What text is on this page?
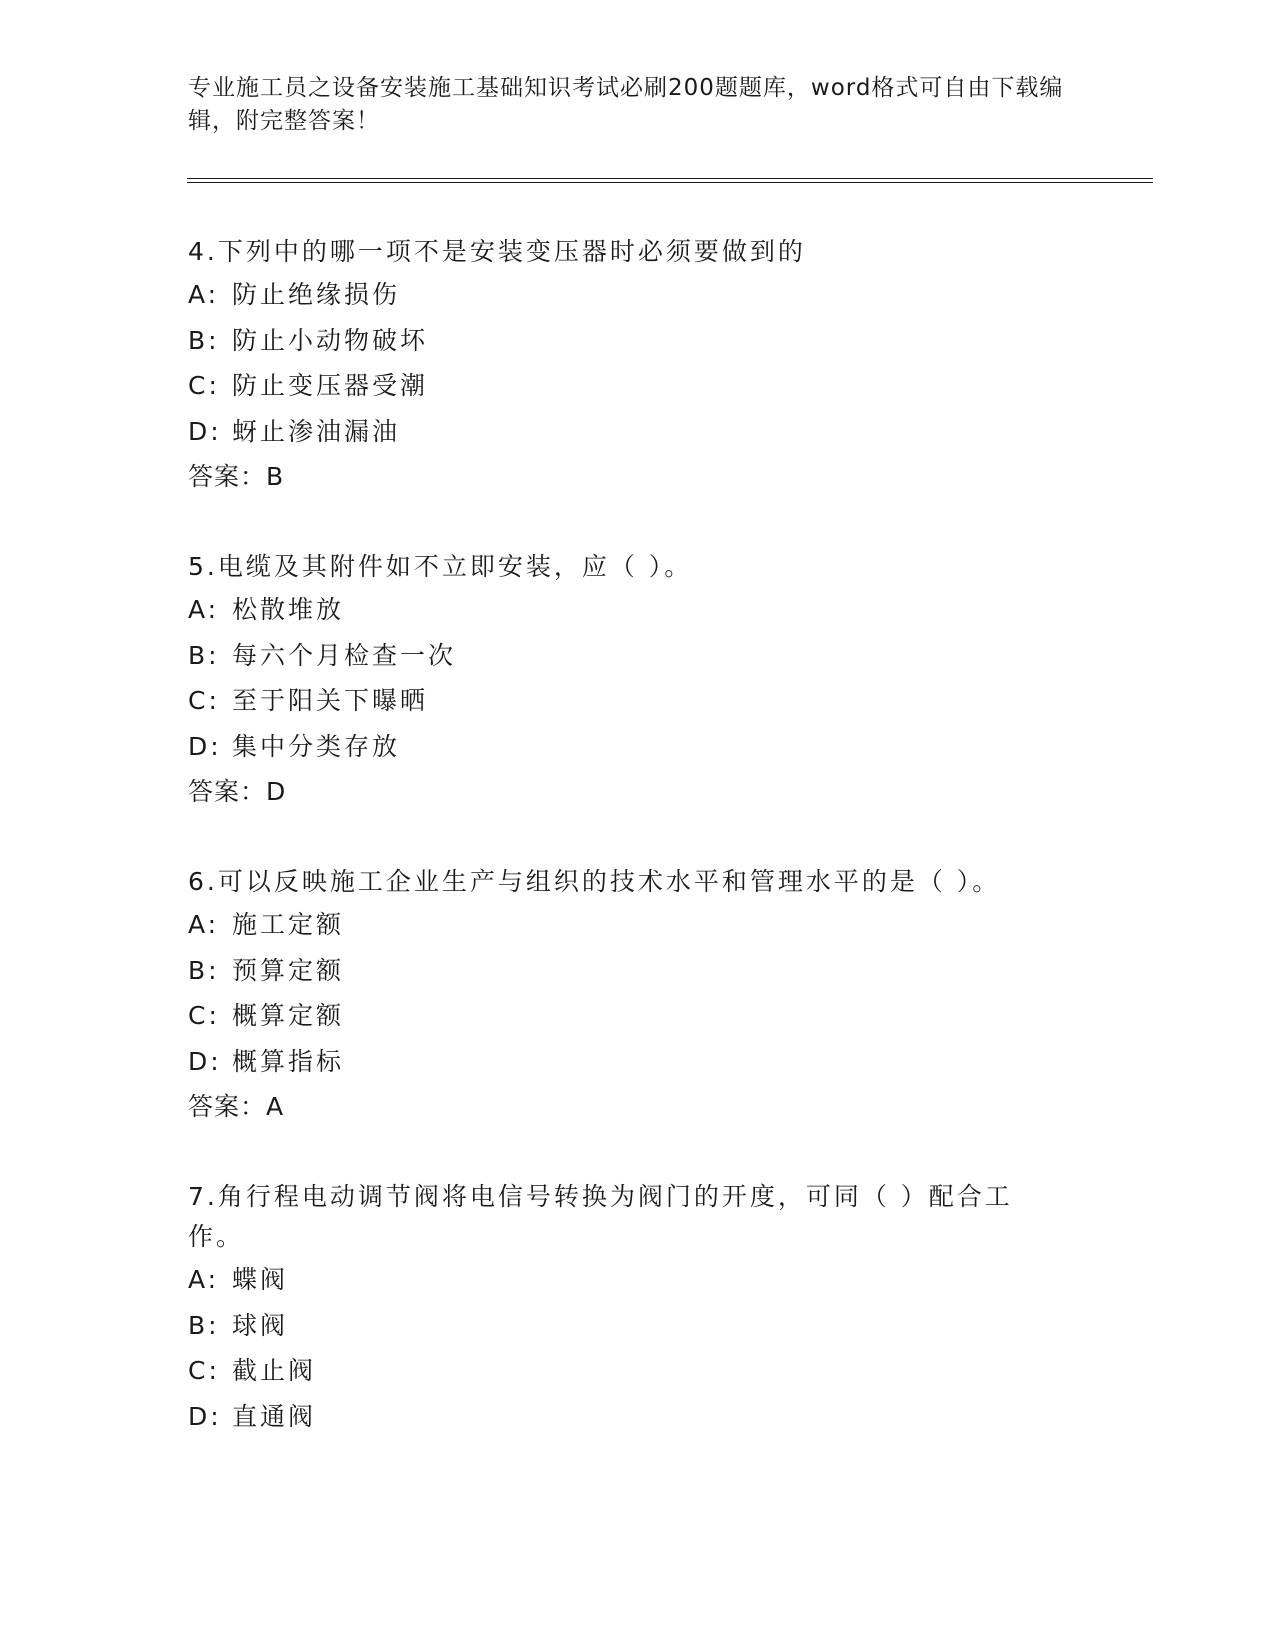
专业施工员之设备安装施工基础知识考试必刷200题题库，word格式可自由下载编辑，附完整答案！

4.下列中的哪一项不是安装变压器时必须要做到的

A: 防止绝缘损伤

B: 防止小动物破坏

C: 防止变压器受潮

D: 蚜止渗油漏油

答案：B

5.电缆及其附件如不立即安装，应（ ）。

A: 松散堆放

B: 每六个月检查一次

C: 至于阳关下曝晒

D: 集中分类存放

答案：D

6.可以反映施工企业生产与组织的技术水平和管理水平的是（ ）。

A: 施工定额

B: 预算定额

C: 概算定额

D: 概算指标

答案：A

7.角行程电动调节阀将电信号转换为阀门的开度，可同（ ）配合工作。

A: 蝶阀

B: 球阀

C: 截止阀

D: 直通阀
